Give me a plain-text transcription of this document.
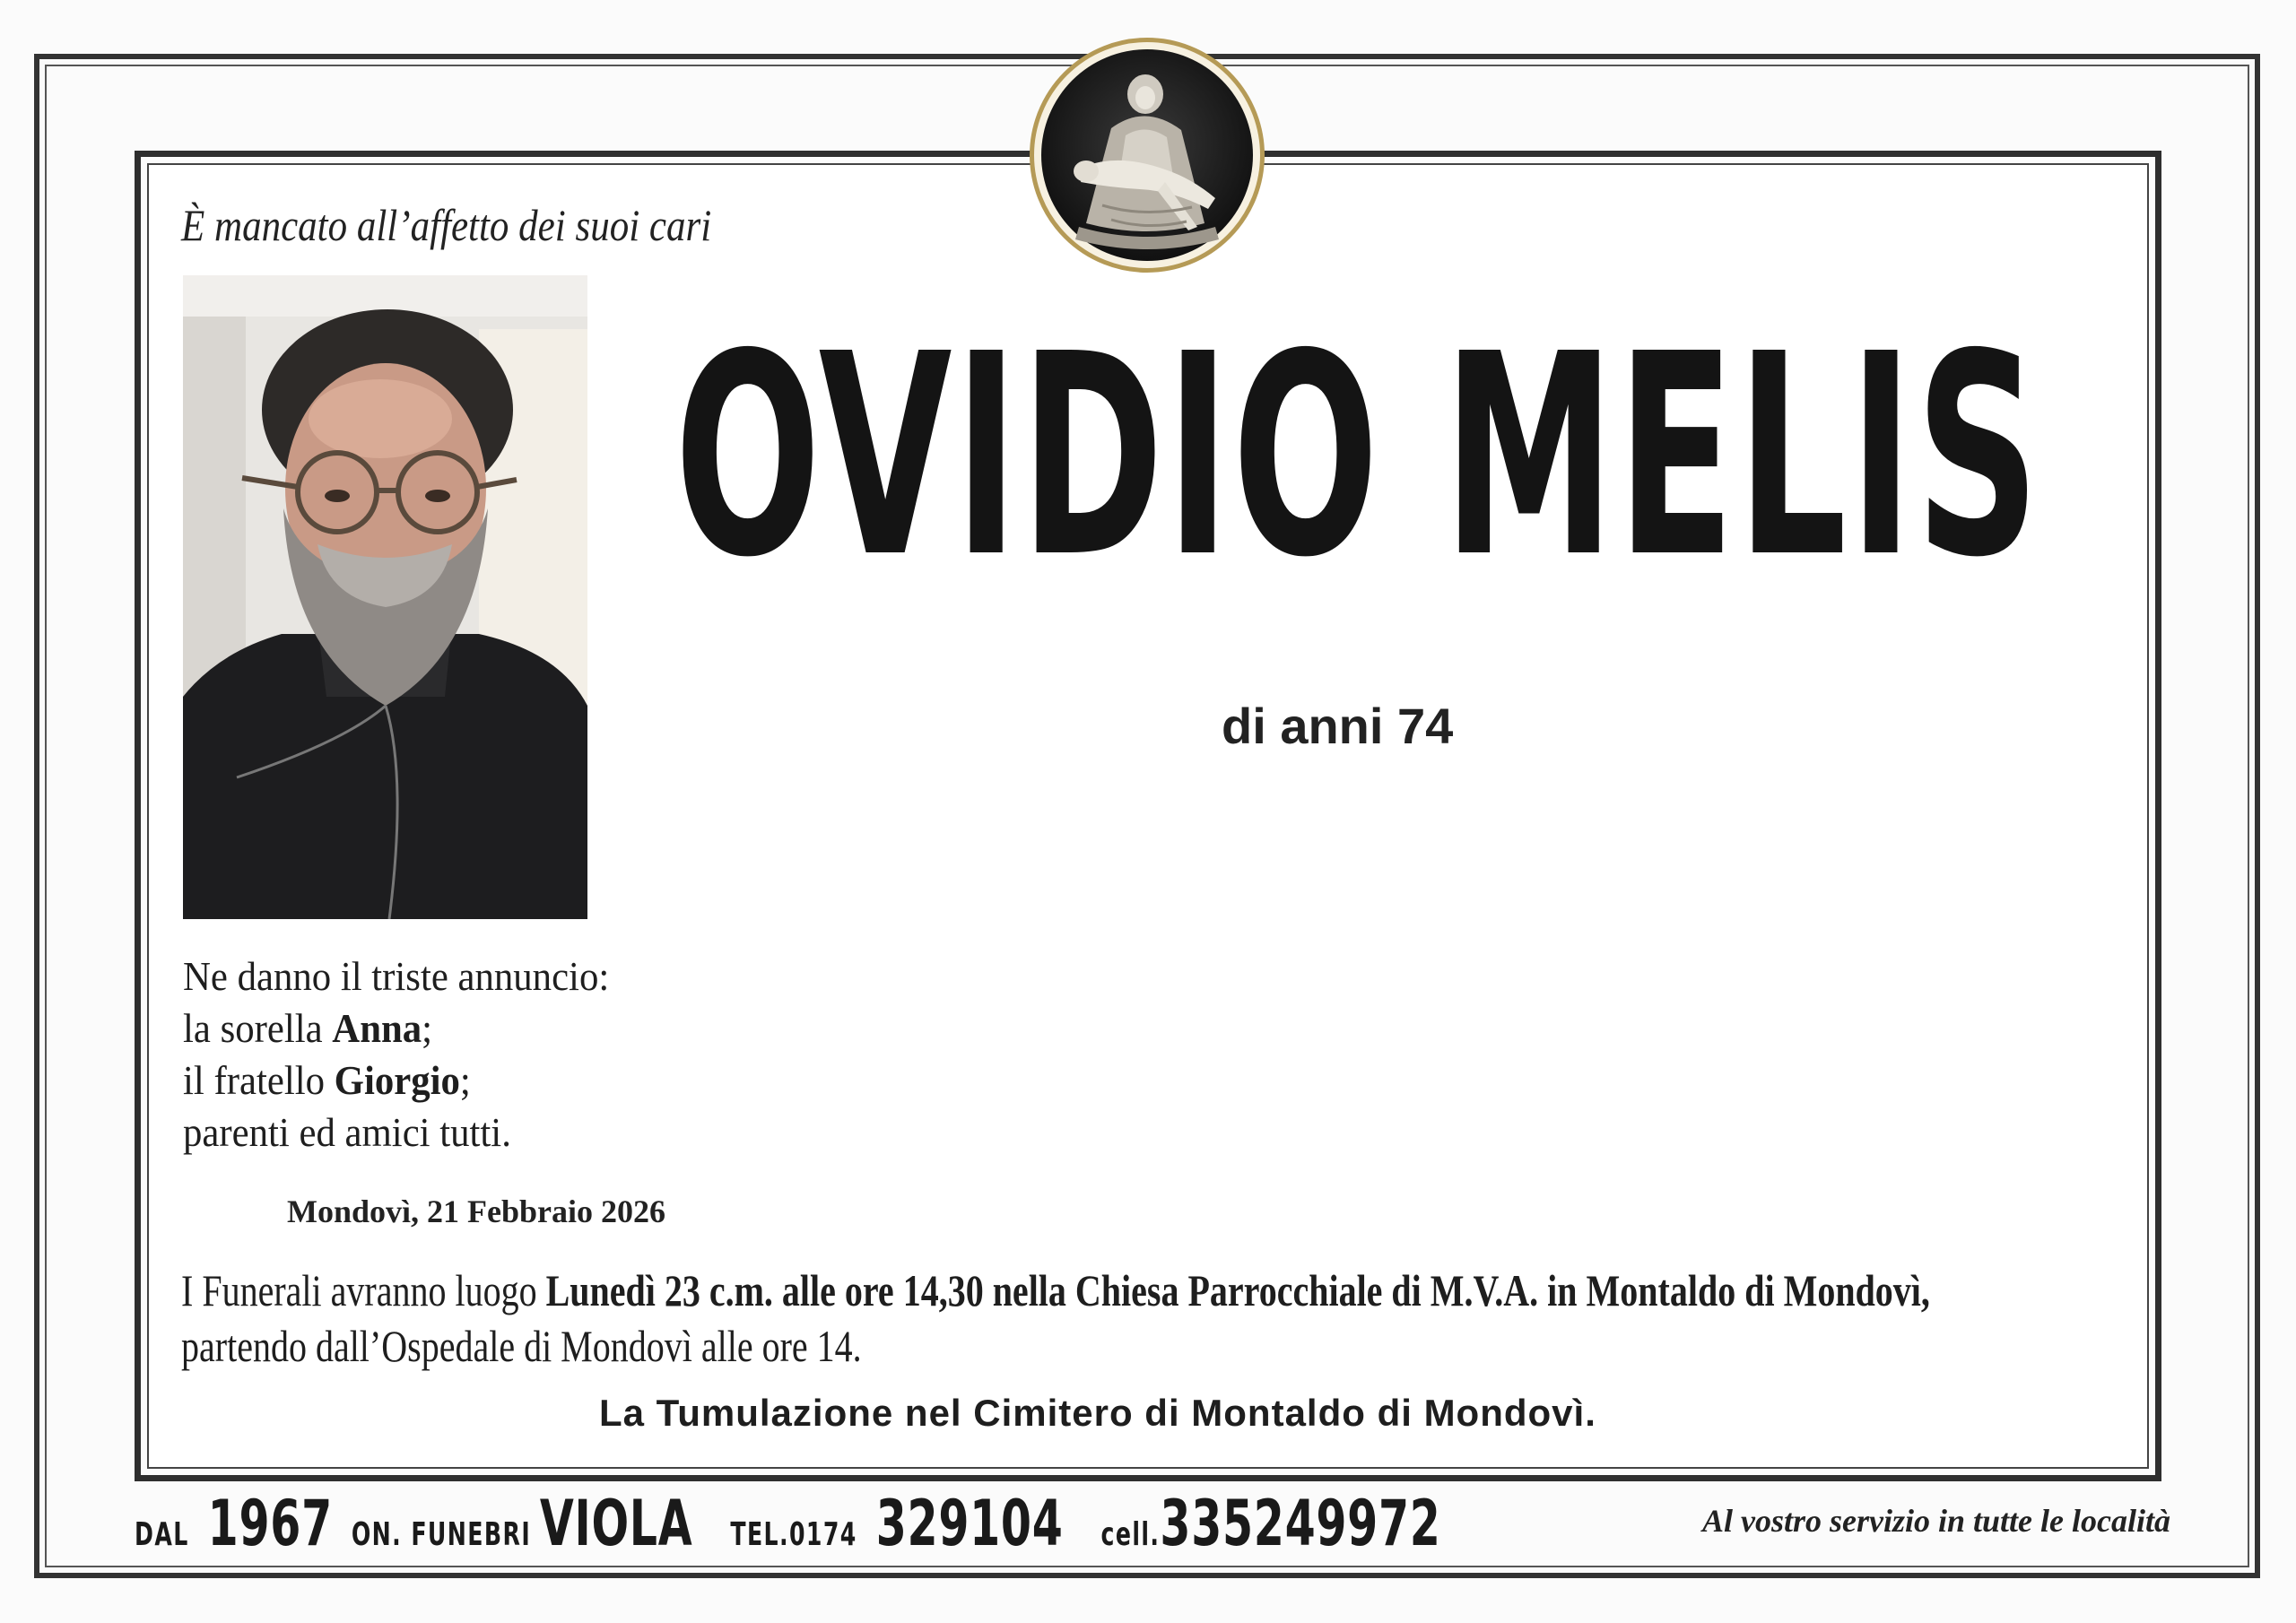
È mancato all’affetto dei suoi cari
OVIDIO MELIS
di anni 74
Ne danno il triste annuncio:
la sorella Anna;
il fratello Giorgio;
parenti ed amici tutti.
Mondovì, 21 Febbraio 2026
I Funerali avranno luogo Lunedì 23 c.m. alle ore 14,30 nella Chiesa Parrocchiale di M.V.A. in Montaldo di Mondovì,
partendo dall’Ospedale di Mondovì alle ore 14.
La Tumulazione nel Cimitero di Montaldo di Mondovì.
DAL 1967 ON. FUNEBRI VIOLA TEL.0174 329104 cell. 335249972	Al vostro servizio in tutte le località
